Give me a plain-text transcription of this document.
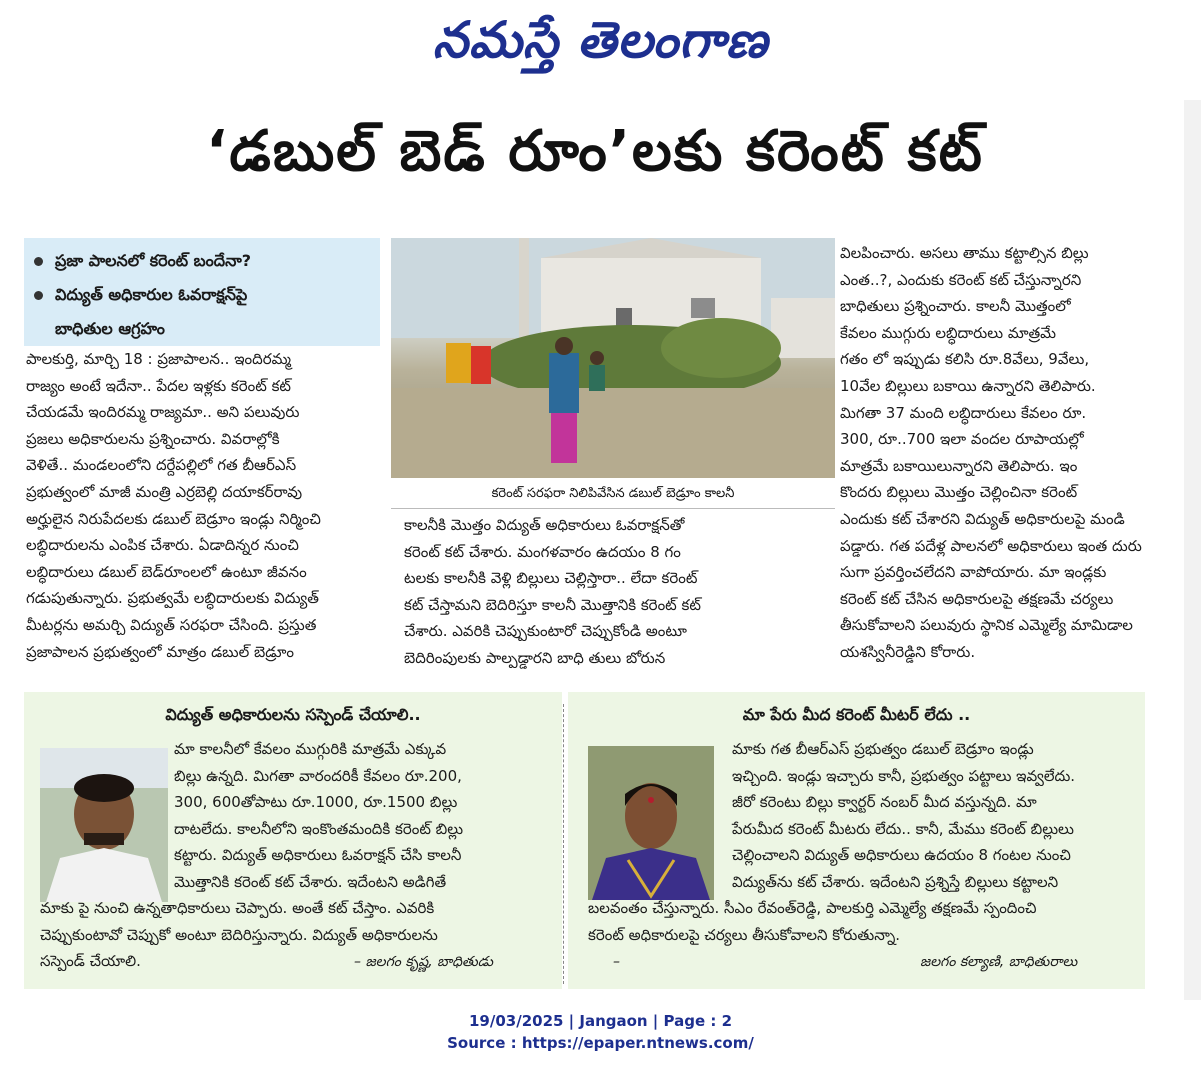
నమస్తే తెలంగాణ
‘డబుల్ బెడ్ రూం’లకు కరెంట్ కట్
ప్రజా పాలనలో కరెంట్ బందేనా?
విద్యుత్ అధికారుల ఓవరాక్షన్‌పై
బాధితుల ఆగ్రహం
కరెంట్ సరఫరా నిలిపివేసిన డబుల్ బెడ్రూం కాలనీ
పాలకుర్తి, మార్చి 18 : ప్రజాపాలన.. ఇందిరమ్మ
రాజ్యం అంటే ఇదేనా.. పేదల ఇళ్లకు కరెంట్ కట్
చేయడమే ఇందిరమ్మ రాజ్యమా.. అని పలువురు
ప్రజలు అధికారులను ప్రశ్నించారు. వివరాల్లోకి
వెళితే.. మండలంలోని దర్దేపల్లిలో గత బీఆర్‌ఎస్
ప్రభుత్వంలో మాజీ మంత్రి ఎర్రబెల్లి దయాకర్‌రావు
అర్హులైన నిరుపేదలకు డబుల్ బెడ్రూం ఇండ్లు నిర్మించి
లబ్ధిదారులను ఎంపిక చేశారు. ఏడాదిన్నర నుంచి
లబ్ధిదారులు డబుల్ బెడ్‌రూంలలో ఉంటూ జీవనం
గడుపుతున్నారు. ప్రభుత్వమే లబ్ధిదారులకు విద్యుత్
మీటర్లను అమర్చి విద్యుత్ సరఫరా చేసింది. ప్రస్తుత
ప్రజాపాలన ప్రభుత్వంలో మాత్రం డబుల్ బెడ్రూం
కాలనీకి మొత్తం విద్యుత్ అధికారులు ఓవరాక్షన్‌తో
కరెంట్ కట్ చేశారు. మంగళవారం ఉదయం 8 గం
టలకు కాలనీకి వెళ్లి బిల్లులు చెల్లిస్తారా.. లేదా కరెంట్
కట్ చేస్తామని బెదిరిస్తూ కాలనీ మొత్తానికి కరెంట్ కట్
చేశారు. ఎవరికి చెప్పుకుంటారో చెప్పుకోండి అంటూ
బెదిరింపులకు పాల్పడ్డారని బాధి తులు బోరున
విలపించారు. అసలు తాము కట్టాల్సిన బిల్లు
ఎంత..?, ఎందుకు కరెంట్ కట్ చేస్తున్నారని
బాధితులు ప్రశ్నించారు. కాలనీ మొత్తంలో
కేవలం ముగ్గురు లబ్ధిదారులు మాత్రమే
గతం లో ఇప్పుడు కలిసి రూ.8వేలు, 9వేలు,
10వేల బిల్లులు బకాయి ఉన్నారని తెలిపారు.
మిగతా 37 మంది లబ్ధిదారులు కేవలం రూ.
300, రూ..700 ఇలా వందల రూపాయల్లో
మాత్రమే బకాయిలున్నారని తెలిపారు. ఇం
కొందరు బిల్లులు మొత్తం చెల్లించినా కరెంట్
ఎందుకు కట్ చేశారని విద్యుత్ అధికారులపై మండి
పడ్డారు. గత పదేళ్ల పాలనలో అధికారులు ఇంత దురు
సుగా ప్రవర్తించలేదని వాపోయారు. మా ఇండ్లకు
కరెంట్ కట్ చేసిన అధికారులపై తక్షణమే చర్యలు
తీసుకోవాలని పలువురు స్థానిక ఎమ్మెల్యే మామిడాల
యశస్వినీరెడ్డిని కోరారు.
విద్యుత్ అధికారులను సస్పెండ్ చేయాలి..
మా కాలనీలో కేవలం ముగ్గురికి మాత్రమే ఎక్కువ
బిల్లు ఉన్నది. మిగతా వారందరికీ కేవలం రూ.200,
300, 600తోపాటు రూ.1000, రూ.1500 బిల్లు
దాటలేదు. కాలనీలోని ఇంకొంతమందికి కరెంట్ బిల్లు
కట్టారు. విద్యుత్ అధికారులు ఓవరాక్షన్ చేసి కాలనీ
మొత్తానికి కరెంట్ కట్ చేశారు. ఇదేంటని అడిగితే
మాకు పై నుంచి ఉన్నతాధికారులు చెప్పారు. అంతే కట్ చేస్తాం. ఎవరికి
చెప్పుకుంటావో చెప్పుకో అంటూ బెదిరిస్తున్నారు. విద్యుత్ అధికారులను
సస్పెండ్ చేయాలి.	– జలగం కృష్ణ, బాధితుడు
మా పేరు మీద కరెంట్ మీటర్ లేదు ..
మాకు గత బీఆర్‌ఎస్ ప్రభుత్వం డబుల్ బెడ్రూం ఇండ్లు
ఇచ్చింది. ఇండ్లు ఇచ్చారు కానీ, ప్రభుత్వం పట్టాలు ఇవ్వలేదు.
జీరో కరెంటు బిల్లు క్వార్టర్ నంబర్ మీద వస్తున్నది. మా
పేరుమీద కరెంట్ మీటరు లేదు.. కానీ, మేము కరెంట్ బిల్లులు
చెల్లించాలని విద్యుత్ అధికారులు ఉదయం 8 గంటల నుంచి
విద్యుత్‌ను కట్ చేశారు. ఇదేంటని ప్రశ్నిస్తే బిల్లులు కట్టాలని
బలవంతం చేస్తున్నారు. సీఎం రేవంత్‌రెడ్డి, పాలకుర్తి ఎమ్మెల్యే తక్షణమే స్పందించి
కరెంట్ అధికారులపై చర్యలు తీసుకోవాలని కోరుతున్నా.
–	జలగం కల్యాణి, బాధితురాలు
19/03/2025 | Jangaon | Page : 2
Source : https://epaper.ntnews.com/
